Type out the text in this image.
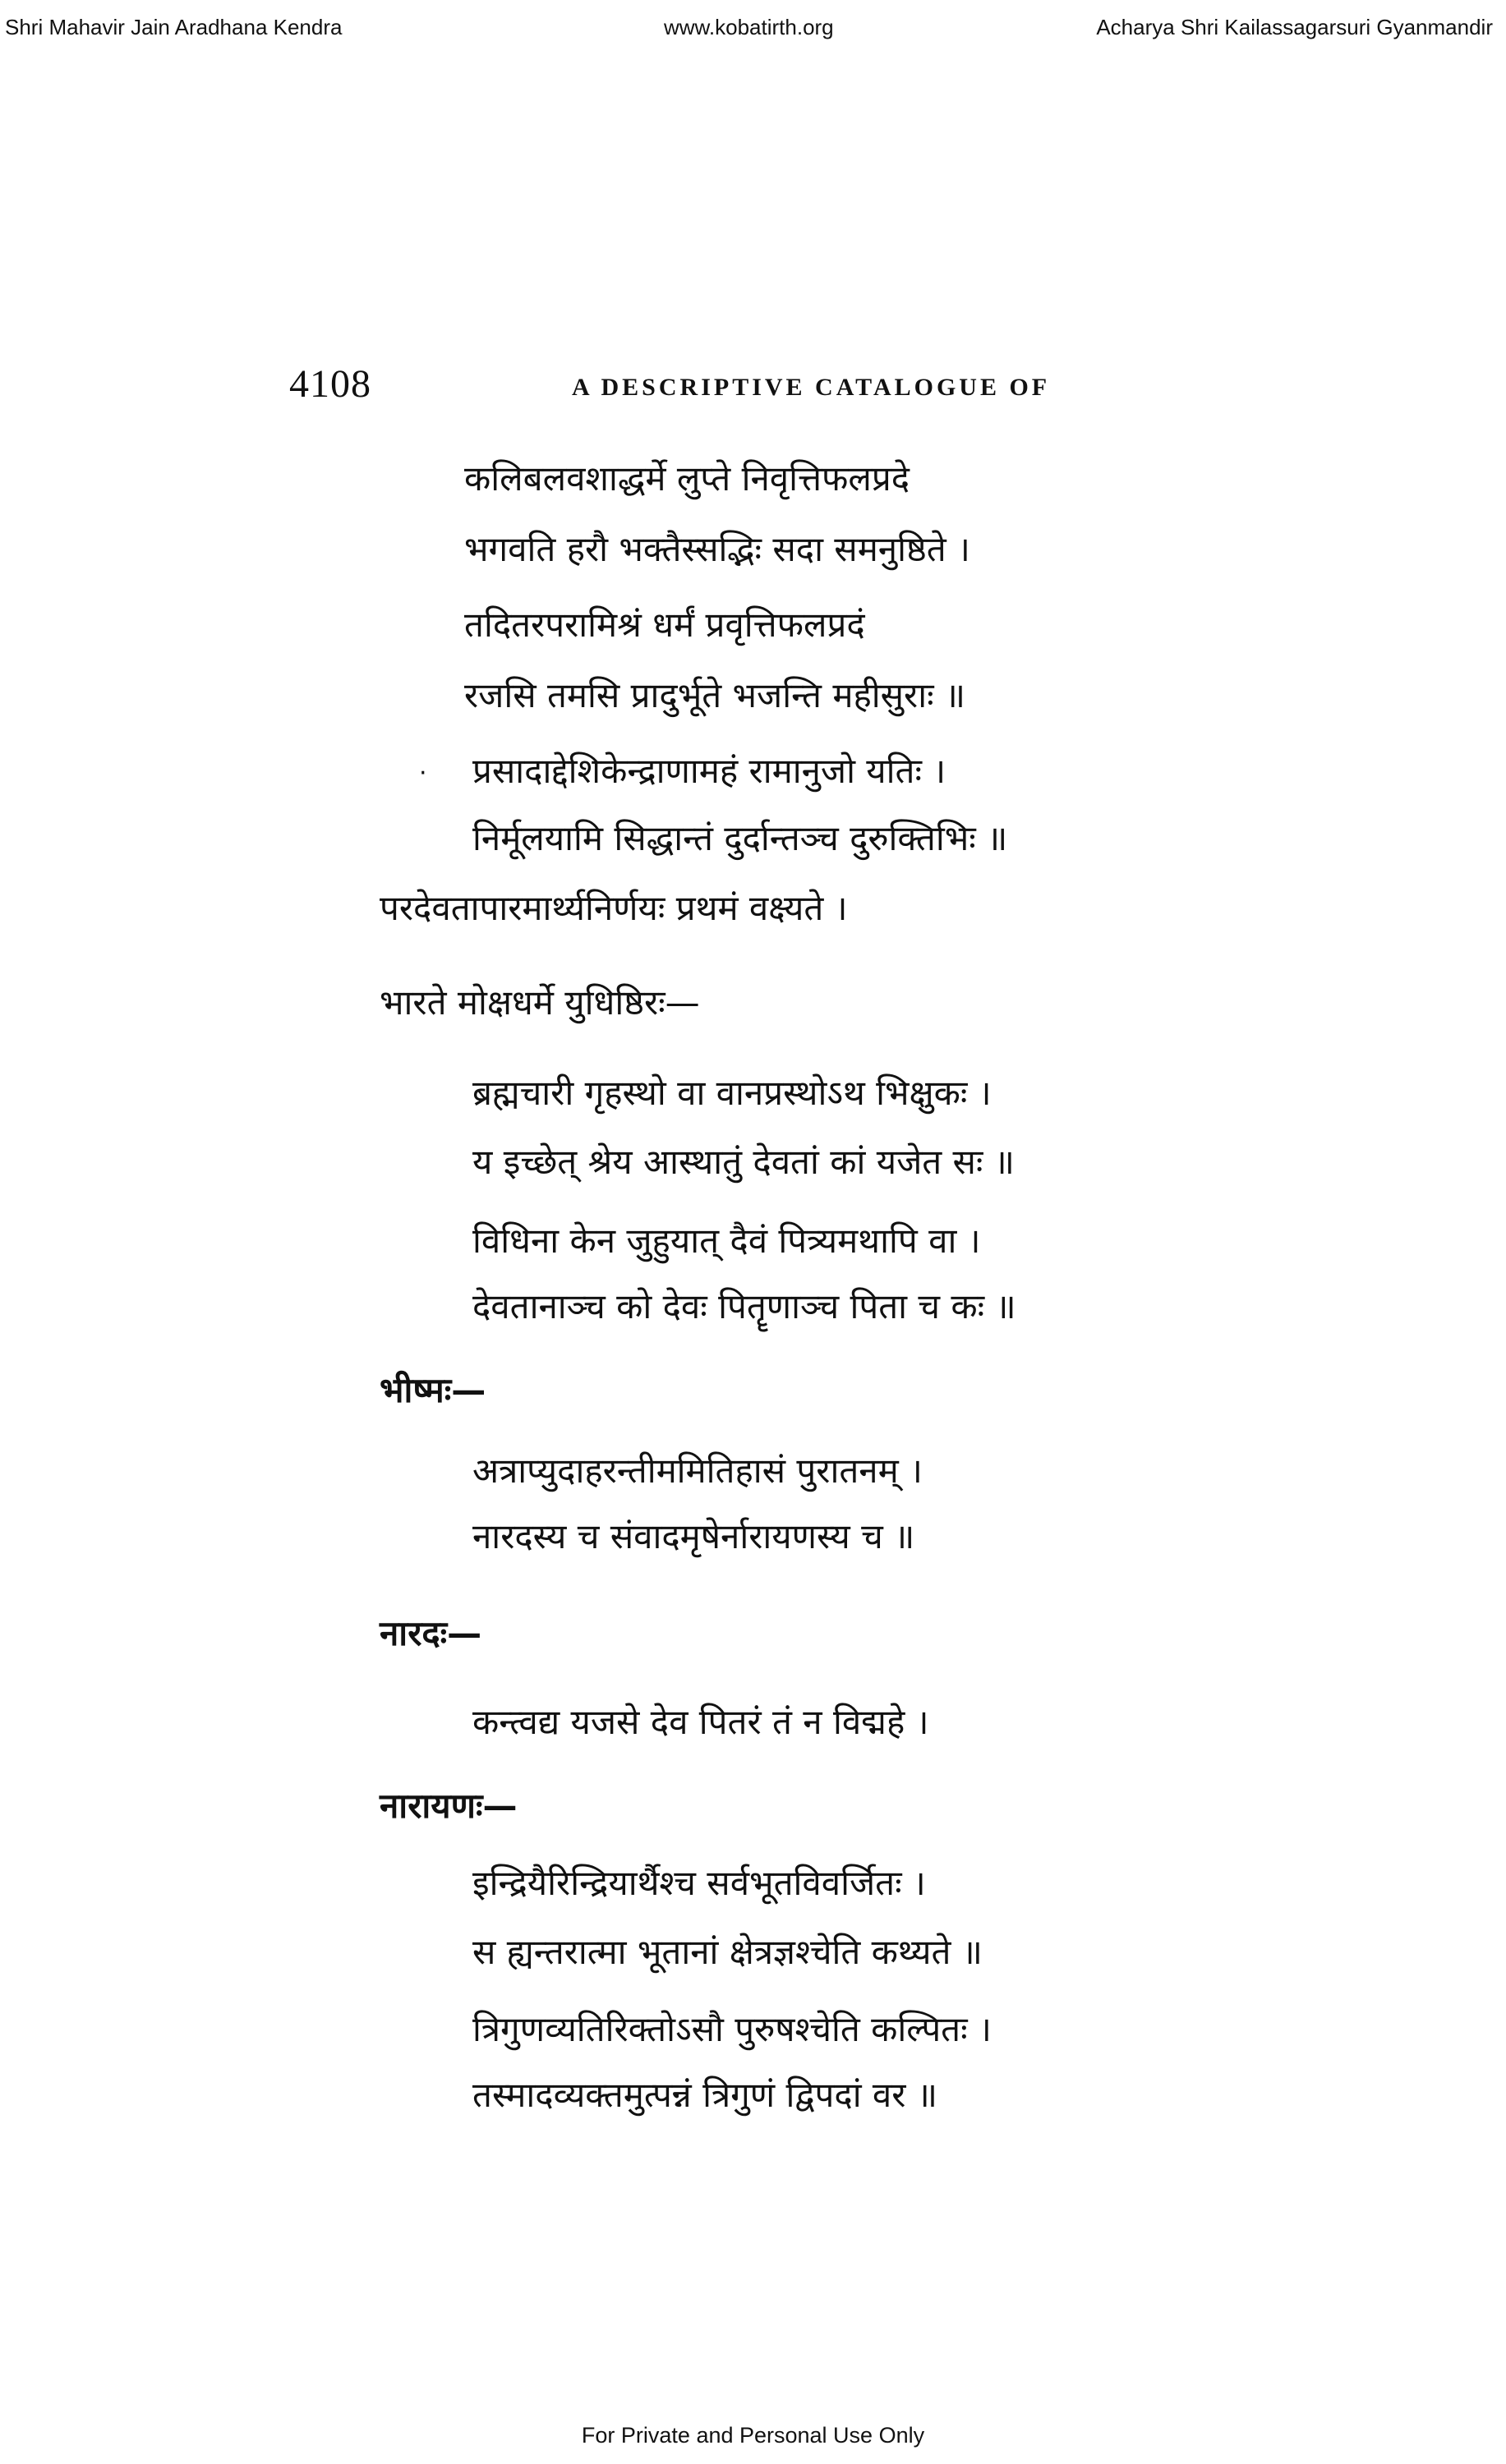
Shri Mahavir Jain Aradhana Kendra	www.kobatirth.org	Acharya Shri Kailassagarsuri Gyanmandir
4108	A DESCRIPTIVE CATALOGUE OF
कलिबलवशाद्धर्मे लुप्ते निवृत्तिफलप्रदे
भगवति हरौ भक्तैस्सद्भिः सदा समनुष्ठिते ।
तदितरपरामिश्रं धर्मं प्रवृत्तिफलप्रदं
रजसि तमसि प्रादुर्भूते भजन्ति महीसुराः ॥
· प्रसादाद्देशिकेन्द्राणामहं रामानुजो यतिः ।
निर्मूलयामि सिद्धान्तं दुर्दान्तञ्च दुरुक्तिभिः ॥
परदेवतापारमार्थ्यनिर्णयः प्रथमं वक्ष्यते ।
भारते मोक्षधर्मे युधिष्ठिरः—
ब्रह्मचारी गृहस्थो वा वानप्रस्थोऽथ भिक्षुकः ।
य इच्छेत् श्रेय आस्थातुं देवतां कां यजेत सः ॥
विधिना केन जुहुयात् दैवं पित्र्यमथापि वा ।
देवतानाञ्च को देवः पितॄणाञ्च पिता च कः ॥
भीष्मः—
अत्राप्युदाहरन्तीममितिहासं पुरातनम् ।
नारदस्य च संवादमृषेर्नारायणस्य च ॥
नारदः—
कन्त्वद्य यजसे देव पितरं तं न विद्महे ।
नारायणः—
इन्द्रियैरिन्द्रियार्थैश्च सर्वभूतविवर्जितः ।
स ह्यन्तरात्मा भूतानां क्षेत्रज्ञश्चेति कथ्यते ॥
त्रिगुणव्यतिरिक्तोऽसौ पुरुषश्चेति कल्पितः ।
तस्मादव्यक्तमुत्पन्नं त्रिगुणं द्विपदां वर ॥
For Private and Personal Use Only
